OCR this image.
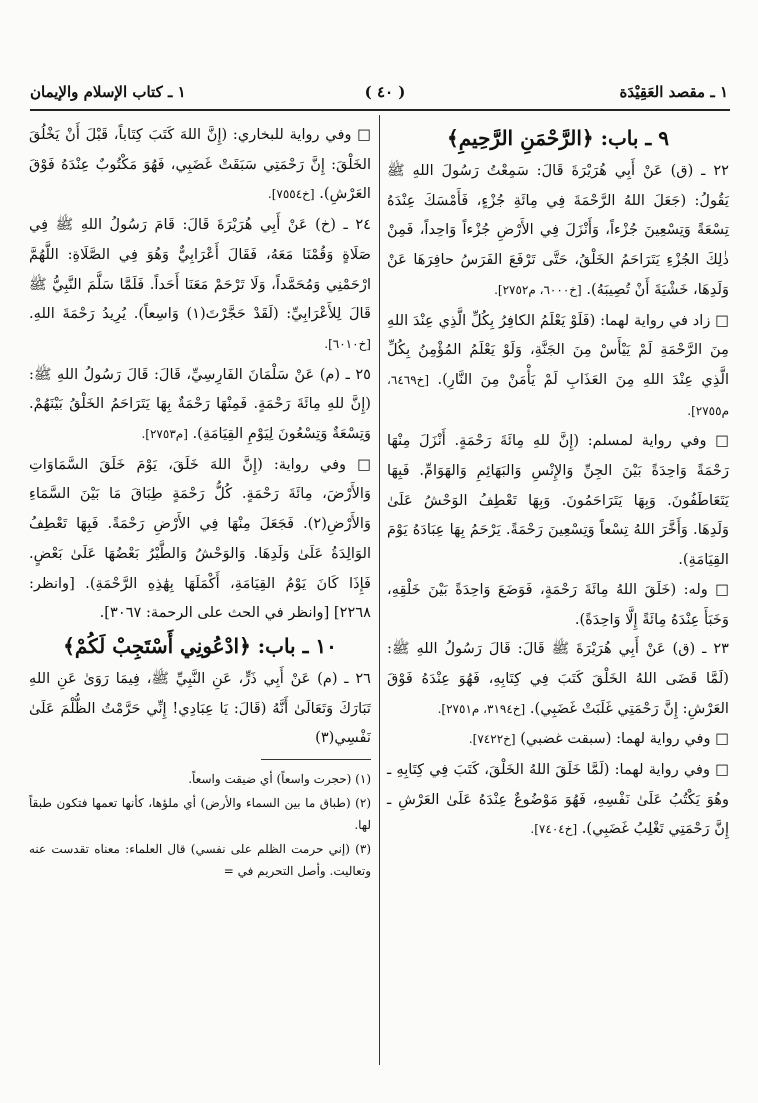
١ ـ مقصد العَقِيْدَة
( ٤٠ )
١ ـ كتاب الإسلام والإيمان

٩ ـ باب: ﴿الرَّحْمَنِ الرَّحِيمِ﴾

٢٢ ـ (ق) عَنْ أَبِي هُرَيْرَةَ قَالَ: سَمِعْتُ رَسُولَ اللهِ ﷺ يَقُولُ: (جَعَلَ اللهُ الرَّحْمَةَ فِي مِائَةِ جُزْءٍ، فَأَمْسَكَ عِنْدَهُ تِسْعَةً وَتِسْعِينَ جُزْءاً، وَأَنْزَلَ فِي الأَرْضِ جُزْءاً وَاحِداً، فَمِنْ ذٰلِكَ الجُزْءِ يَتَرَاحَمُ الخَلْقُ، حَتَّى تَرْفَعَ الفَرَسُ حافِرَهَا عَنْ وَلَدِهَا، خَشْيَةَ أَنْ تُصِيبَهُ). [خ٦٠٠٠، م٢٧٥٢].

□ زاد في رواية لهما: (فَلَوْ يَعْلَمُ الكافِرُ بِكُلِّ الَّذِي عِنْدَ اللهِ مِنَ الرَّحْمَةِ لَمْ يَيْأَسْ مِنَ الجَنَّةِ، وَلَوْ يَعْلَمُ المُؤْمِنُ بِكُلِّ الَّذِي عِنْدَ اللهِ مِنَ العَذَابِ لَمْ يَأْمَنْ مِنَ النَّارِ). [خ٦٤٦٩، م٢٧٥٥].

□ وفي رواية لمسلم: (إِنَّ للهِ مِائَةَ رَحْمَةٍ. أَنْزَلَ مِنْهَا رَحْمَةً وَاحِدَةً بَيْنَ الجِنِّ وَالإِنْسِ وَالبَهَائِمِ وَالهَوَامِّ. فَبِهَا يَتَعَاطَفُونَ. وَبِهَا يَتَرَاحَمُونَ. وَبِهَا تَعْطِفُ الوَحْشُ عَلَىٰ وَلَدِهَا. وَأَخَّرَ اللهُ تِسْعاً وَتِسْعِينَ رَحْمَةً. يَرْحَمُ بِهَا عِبَادَهُ يَوْمَ القِيَامَةِ).

□ وله: (خَلَقَ اللهُ مِائَةَ رَحْمَةٍ، فَوَضَعَ وَاحِدَةً بَيْنَ خَلْقِهِ، وَخَبَأَ عِنْدَهُ مِائَةً إِلَّا وَاحِدَةً).

٢٣ ـ (ق) عَنْ أَبِي هُرَيْرَةَ ﷺ قَالَ: قَالَ رَسُولُ اللهِ ﷺ: (لَمَّا قَضَى اللهُ الخَلْقَ كَتَبَ فِي كِتَابِهِ، فَهُوَ عِنْدَهُ فَوْقَ العَرْشِ: إِنَّ رَحْمَتِي غَلَبَتْ غَضَبِي). [خ٣١٩٤، م٢٧٥١].

□ وفي رواية لهما: (سبقت غضبي) [خ٧٤٢٢].

□ وفي رواية لهما: (لَمَّا خَلَقَ اللهُ الخَلْقَ، كَتَبَ فِي كِتَابِهِ ـ وهُوَ يَكْتُبُ عَلَىٰ نَفْسِهِ، فَهُوَ مَوْضُوعٌ عِنْدَهُ عَلَىٰ العَرْشِ ـ إِنَّ رَحْمَتِي تَغْلِبُ غَضَبِي). [خ٧٤٠٤].

□ وفي رواية للبخاري: (إِنَّ اللهَ كَتَبَ كِتَاباً، قَبْلَ أَنْ يَخْلُقَ الخَلْقَ: إِنَّ رَحْمَتِي سَبَقَتْ غَضَبِي، فَهُوَ مَكْتُوبٌ عِنْدَهُ فَوْقَ العَرْشِ). [خ٧٥٥٤].

٢٤ ـ (خ) عَنْ أَبِي هُرَيْرَةَ قَالَ: قَامَ رَسُولُ اللهِ ﷺ فِي صَلَاةٍ وَقُمْنَا مَعَهُ، فَقَالَ أَعْرَابِيٌّ وَهُوَ فِي الصَّلَاةِ: اللَّهُمَّ ارْحَمْنِي وَمُحَمَّداً، وَلَا تَرْحَمْ مَعَنَا أَحَداً. فَلَمَّا سَلَّمَ النَّبِيُّ ﷺ قَالَ لِلأَعْرَابِيِّ: (لَقَدْ حَجَّرْتَ(١) وَاسِعاً). يُرِيدُ رَحْمَةَ اللهِ. [خ٦٠١٠].

٢٥ ـ (م) عَنْ سَلْمَانَ الفَارِسِيِّ، قَالَ: قَالَ رَسُولُ اللهِ ﷺ: (إِنَّ للهِ مِائَةَ رَحْمَةٍ. فَمِنْهَا رَحْمَةٌ بِهَا يَتَرَاحَمُ الخَلْقُ بَيْنَهُمْ. وَتِسْعَةٌ وَتِسْعُونَ لِيَوْمِ القِيَامَةِ). [م٢٧٥٣].

□ وفي رواية: (إِنَّ اللهَ خَلَقَ، يَوْمَ خَلَقَ السَّمَاوَاتِ وَالأَرْضَ، مِائَةَ رَحْمَةٍ. كُلُّ رَحْمَةٍ طِبَاقَ مَا بَيْنَ السَّمَاءِ وَالأَرْضِ(٢). فَجَعَلَ مِنْهَا فِي الأَرْضِ رَحْمَةً. فَبِهَا تَعْطِفُ الوَالِدَةُ عَلَىٰ وَلَدِهَا. وَالوَحْشُ وَالطَّيْرُ بَعْضُهَا عَلَىٰ بَعْضٍ. فَإِذَا كَانَ يَوْمُ القِيَامَةِ، أَكْمَلَهَا بِهَٰذِهِ الرَّحْمَةِ). [وانظر: ٢٢٦٨] [وانظر في الحث على الرحمة: ٣٠٦٧].

١٠ ـ باب: ﴿ادْعُونِي أَسْتَجِبْ لَكُمْ﴾

٢٦ ـ (م) عَنْ أَبِي ذَرٍّ، عَنِ النَّبِيِّ ﷺ، فِيمَا رَوَىٰ عَنِ اللهِ تَبَارَكَ وَتَعَالَىٰ أَنَّهُ (قَالَ: يَا عِبَادِي! إِنِّي حَرَّمْتُ الظُّلْمَ عَلَىٰ نَفْسِي(٣)

(١) (حجرت واسعاً) أي ضيقت واسعاً.

(٢) (طباق ما بين السماء والأرض) أي ملؤها، كأنها تعمها فتكون طبقاً لها.

(٣) (إني حرمت الظلم على نفسي) قال العلماء: معناه تقدست عنه وتعاليت. وأصل التحريم في =
